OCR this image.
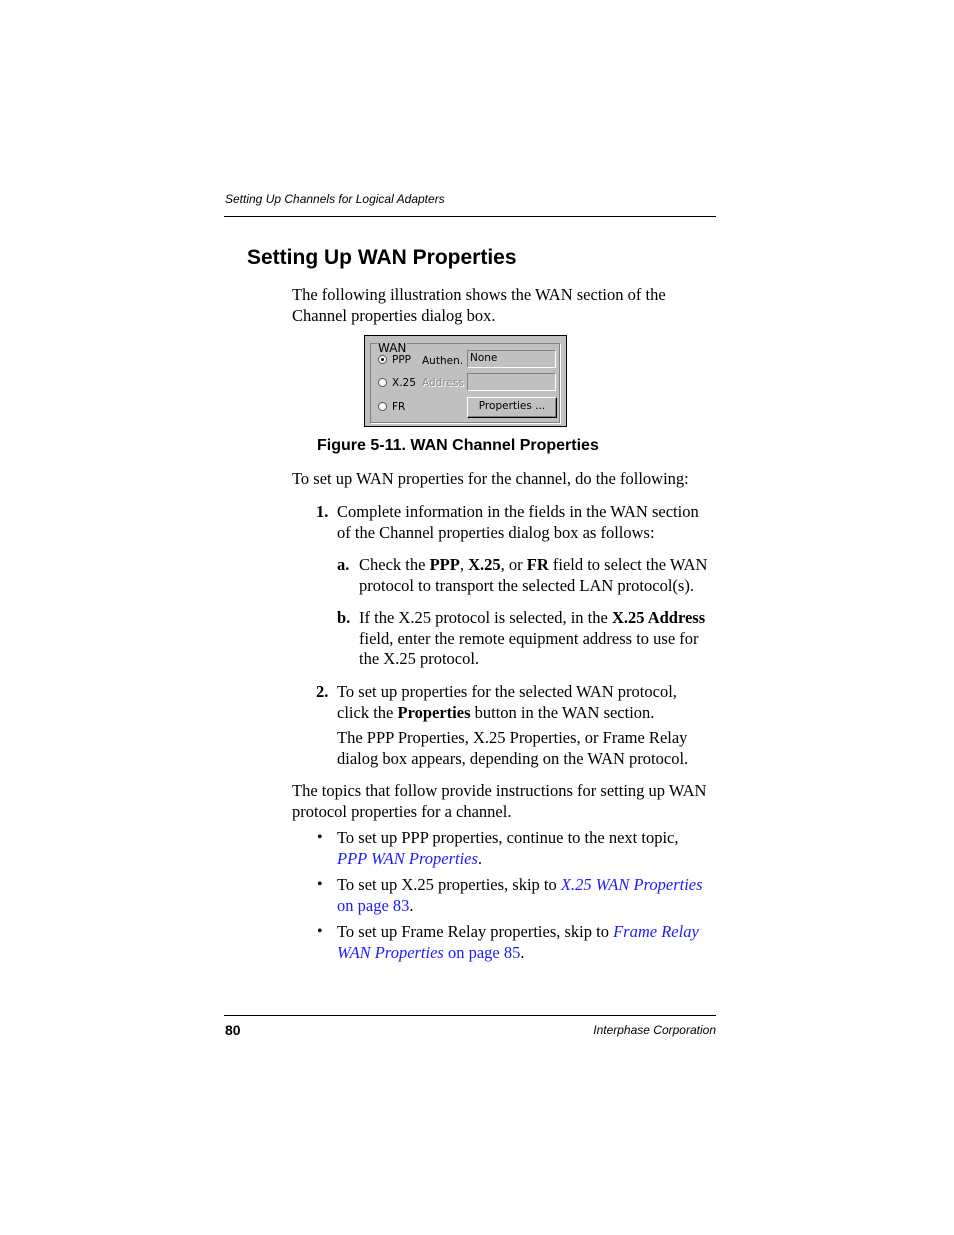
Setting Up Channels for Logical Adapters
Setting Up WAN Properties
The following illustration shows the WAN section of the
Channel properties dialog box.
WAN
PPP
X.25
FR
Authen. None
Address
Properties ...
Figure 5-11. WAN Channel Properties
To set up WAN properties for the channel, do the following:
1. Complete information in the fields in the WAN section
of the Channel properties dialog box as follows:
a. Check the PPP, X.25, or FR field to select the WAN
protocol to transport the selected LAN protocol(s).
b. If the X.25 protocol is selected, in the X.25 Address
field, enter the remote equipment address to use for
the X.25 protocol.
2. To set up properties for the selected WAN protocol,
click the Properties button in the WAN section.
The PPP Properties, X.25 Properties, or Frame Relay
dialog box appears, depending on the WAN protocol.
The topics that follow provide instructions for setting up WAN
protocol properties for a channel.
• To set up PPP properties, continue to the next topic,
PPP WAN Properties.
• To set up X.25 properties, skip to X.25 WAN Properties
on page 83.
• To set up Frame Relay properties, skip to Frame Relay
WAN Properties on page 85.
80	Interphase Corporation
